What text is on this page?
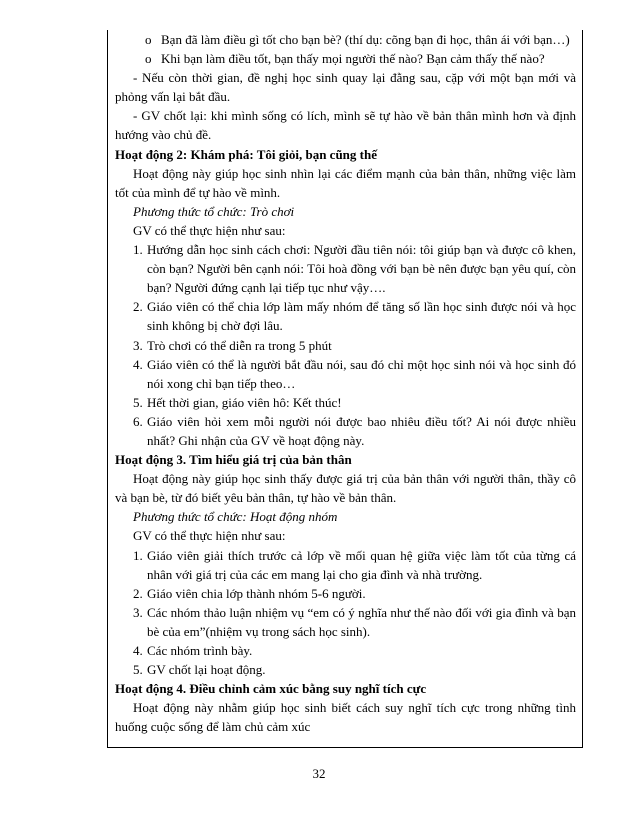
o Bạn đã làm điều gì tốt cho bạn bè? (thí dụ: cõng bạn đi học, thân ái với bạn…)
o Khi bạn làm điều tốt, bạn thấy mọi người thế nào? Bạn cảm thấy thế nào?

- Nếu còn thời gian, đề nghị học sinh quay lại đằng sau, cặp với một bạn mới và phỏng vấn lại bắt đầu.

- GV chốt lại: khi mình sống có lích, mình sẽ tự hào về bản thân mình hơn và định hướng vào chủ đề.

Hoạt động 2: Khám phá: Tôi giỏi, bạn cũng thế

Hoạt động này giúp học sinh nhìn lại các điểm mạnh của bản thân, những việc làm tốt của mình để tự hào về mình.

Phương thức tổ chức: Trò chơi

GV có thể thực hiện như sau:

1. Hướng dẫn học sinh cách chơi: Người đầu tiên nói: tôi giúp bạn và được cô khen, còn bạn? Người bên cạnh nói: Tôi hoà đồng với bạn bè nên được bạn yêu quí, còn bạn? Người đứng cạnh lại tiếp tục như vậy….
2. Giáo viên có thể chia lớp làm mấy nhóm để tăng số lần học sinh được nói và học sinh không bị chờ đợi lâu.
3. Trò chơi có thể diễn ra trong 5 phút
4. Giáo viên có thể là người bắt đầu nói, sau đó chỉ một học sinh nói và học sinh đó nói xong chỉ bạn tiếp theo…
5. Hết thời gian, giáo viên hô: Kết thúc!
6. Giáo viên hỏi xem mỗi người nói được bao nhiêu điều tốt? Ai nói được nhiều nhất? Ghi nhận của GV về hoạt động này.

Hoạt động 3. Tìm hiểu giá trị của bản thân

Hoạt động này giúp học sinh thấy được giá trị của bản thân với người thân, thầy cô và bạn bè, từ đó biết yêu bản thân, tự hào về bản thân.

Phương thức tổ chức: Hoạt động nhóm

GV có thể thực hiện như sau:

1. Giáo viên giải thích trước cả lớp về mối quan hệ giữa việc làm tốt của từng cá nhân với giá trị của các em mang lại cho gia đình và nhà trường.
2. Giáo viên chia lớp thành nhóm 5-6 người.
3. Các nhóm thảo luận nhiệm vụ “em có ý nghĩa như thế nào đối với gia đình và bạn bè của em”(nhiệm vụ trong sách học sinh).
4. Các nhóm trình bày.
5. GV chốt lại hoạt động.

Hoạt động 4. Điều chỉnh cảm xúc bằng suy nghĩ tích cực

Hoạt động này nhằm giúp học sinh biết cách suy nghĩ tích cực trong những tình huống cuộc sống để làm chủ cảm xúc

32
